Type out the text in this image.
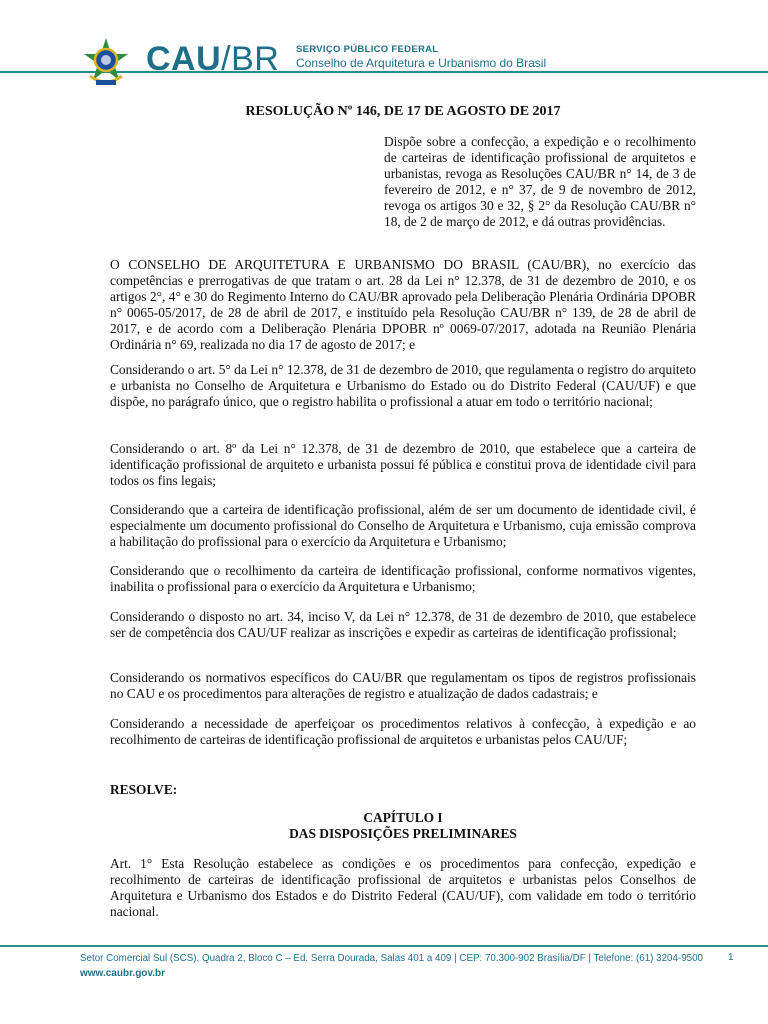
CAU/BR SERVIÇO PÚBLICO FEDERAL
Conselho de Arquitetura e Urbanismo do Brasil
RESOLUÇÃO Nº 146, DE 17 DE AGOSTO DE 2017
Dispõe sobre a confecção, a expedição e o recolhimento de carteiras de identificação profissional de arquitetos e urbanistas, revoga as Resoluções CAU/BR n° 14, de 3 de fevereiro de 2012, e n° 37, de 9 de novembro de 2012, revoga os artigos 30 e 32, § 2° da Resolução CAU/BR n° 18, de 2 de março de 2012, e dá outras providências.

O CONSELHO DE ARQUITETURA E URBANISMO DO BRASIL (CAU/BR), no exercício das competências e prerrogativas de que tratam o art. 28 da Lei n° 12.378, de 31 de dezembro de 2010, e os artigos 2°, 4° e 30 do Regimento Interno do CAU/BR aprovado pela Deliberação Plenária Ordinária DPOBR n° 0065-05/2017, de 28 de abril de 2017, e instituído pela Resolução CAU/BR n° 139, de 28 de abril de 2017, e de acordo com a Deliberação Plenária DPOBR nº 0069-07/2017, adotada na Reunião Plenária Ordinária n° 69, realizada no dia 17 de agosto de 2017; e

Considerando o art. 5° da Lei n° 12.378, de 31 de dezembro de 2010, que regulamenta o registro do arquiteto e urbanista no Conselho de Arquitetura e Urbanismo do Estado ou do Distrito Federal (CAU/UF) e que dispõe, no parágrafo único, que o registro habilita o profissional a atuar em todo o território nacional;

Considerando o art. 8º da Lei n° 12.378, de 31 de dezembro de 2010, que estabelece que a carteira de identificação profissional de arquiteto e urbanista possui fé pública e constitui prova de identidade civil para todos os fins legais;

Considerando que a carteira de identificação profissional, além de ser um documento de identidade civil, é especialmente um documento profissional do Conselho de Arquitetura e Urbanismo, cuja emissão comprova a habilitação do profissional para o exercício da Arquitetura e Urbanismo;

Considerando que o recolhimento da carteira de identificação profissional, conforme normativos vigentes, inabilita o profissional para o exercício da Arquitetura e Urbanismo;

Considerando o disposto no art. 34, inciso V, da Lei n° 12.378, de 31 de dezembro de 2010, que estabelece ser de competência dos CAU/UF realizar as inscrições e expedir as carteiras de identificação profissional;

Considerando os normativos específicos do CAU/BR que regulamentam os tipos de registros profissionais no CAU e os procedimentos para alterações de registro e atualização de dados cadastrais; e

Considerando a necessidade de aperfeiçoar os procedimentos relativos à confecção, à expedição e ao recolhimento de carteiras de identificação profissional de arquitetos e urbanistas pelos CAU/UF;

RESOLVE:
CAPÍTULO I
DAS DISPOSIÇÕES PRELIMINARES

Art. 1° Esta Resolução estabelece as condições e os procedimentos para confecção, expedição e recolhimento de carteiras de identificação profissional de arquitetos e urbanistas pelos Conselhos de Arquitetura e Urbanismo dos Estados e do Distrito Federal (CAU/UF), com validade em todo o território nacional.

Setor Comercial Sul (SCS), Quadra 2, Bloco C – Ed. Serra Dourada, Salas 401 a 409 | CEP: 70.300-902 Brasília/DF | Telefone: (61) 3204-9500
www.caubr.gov.br
1
